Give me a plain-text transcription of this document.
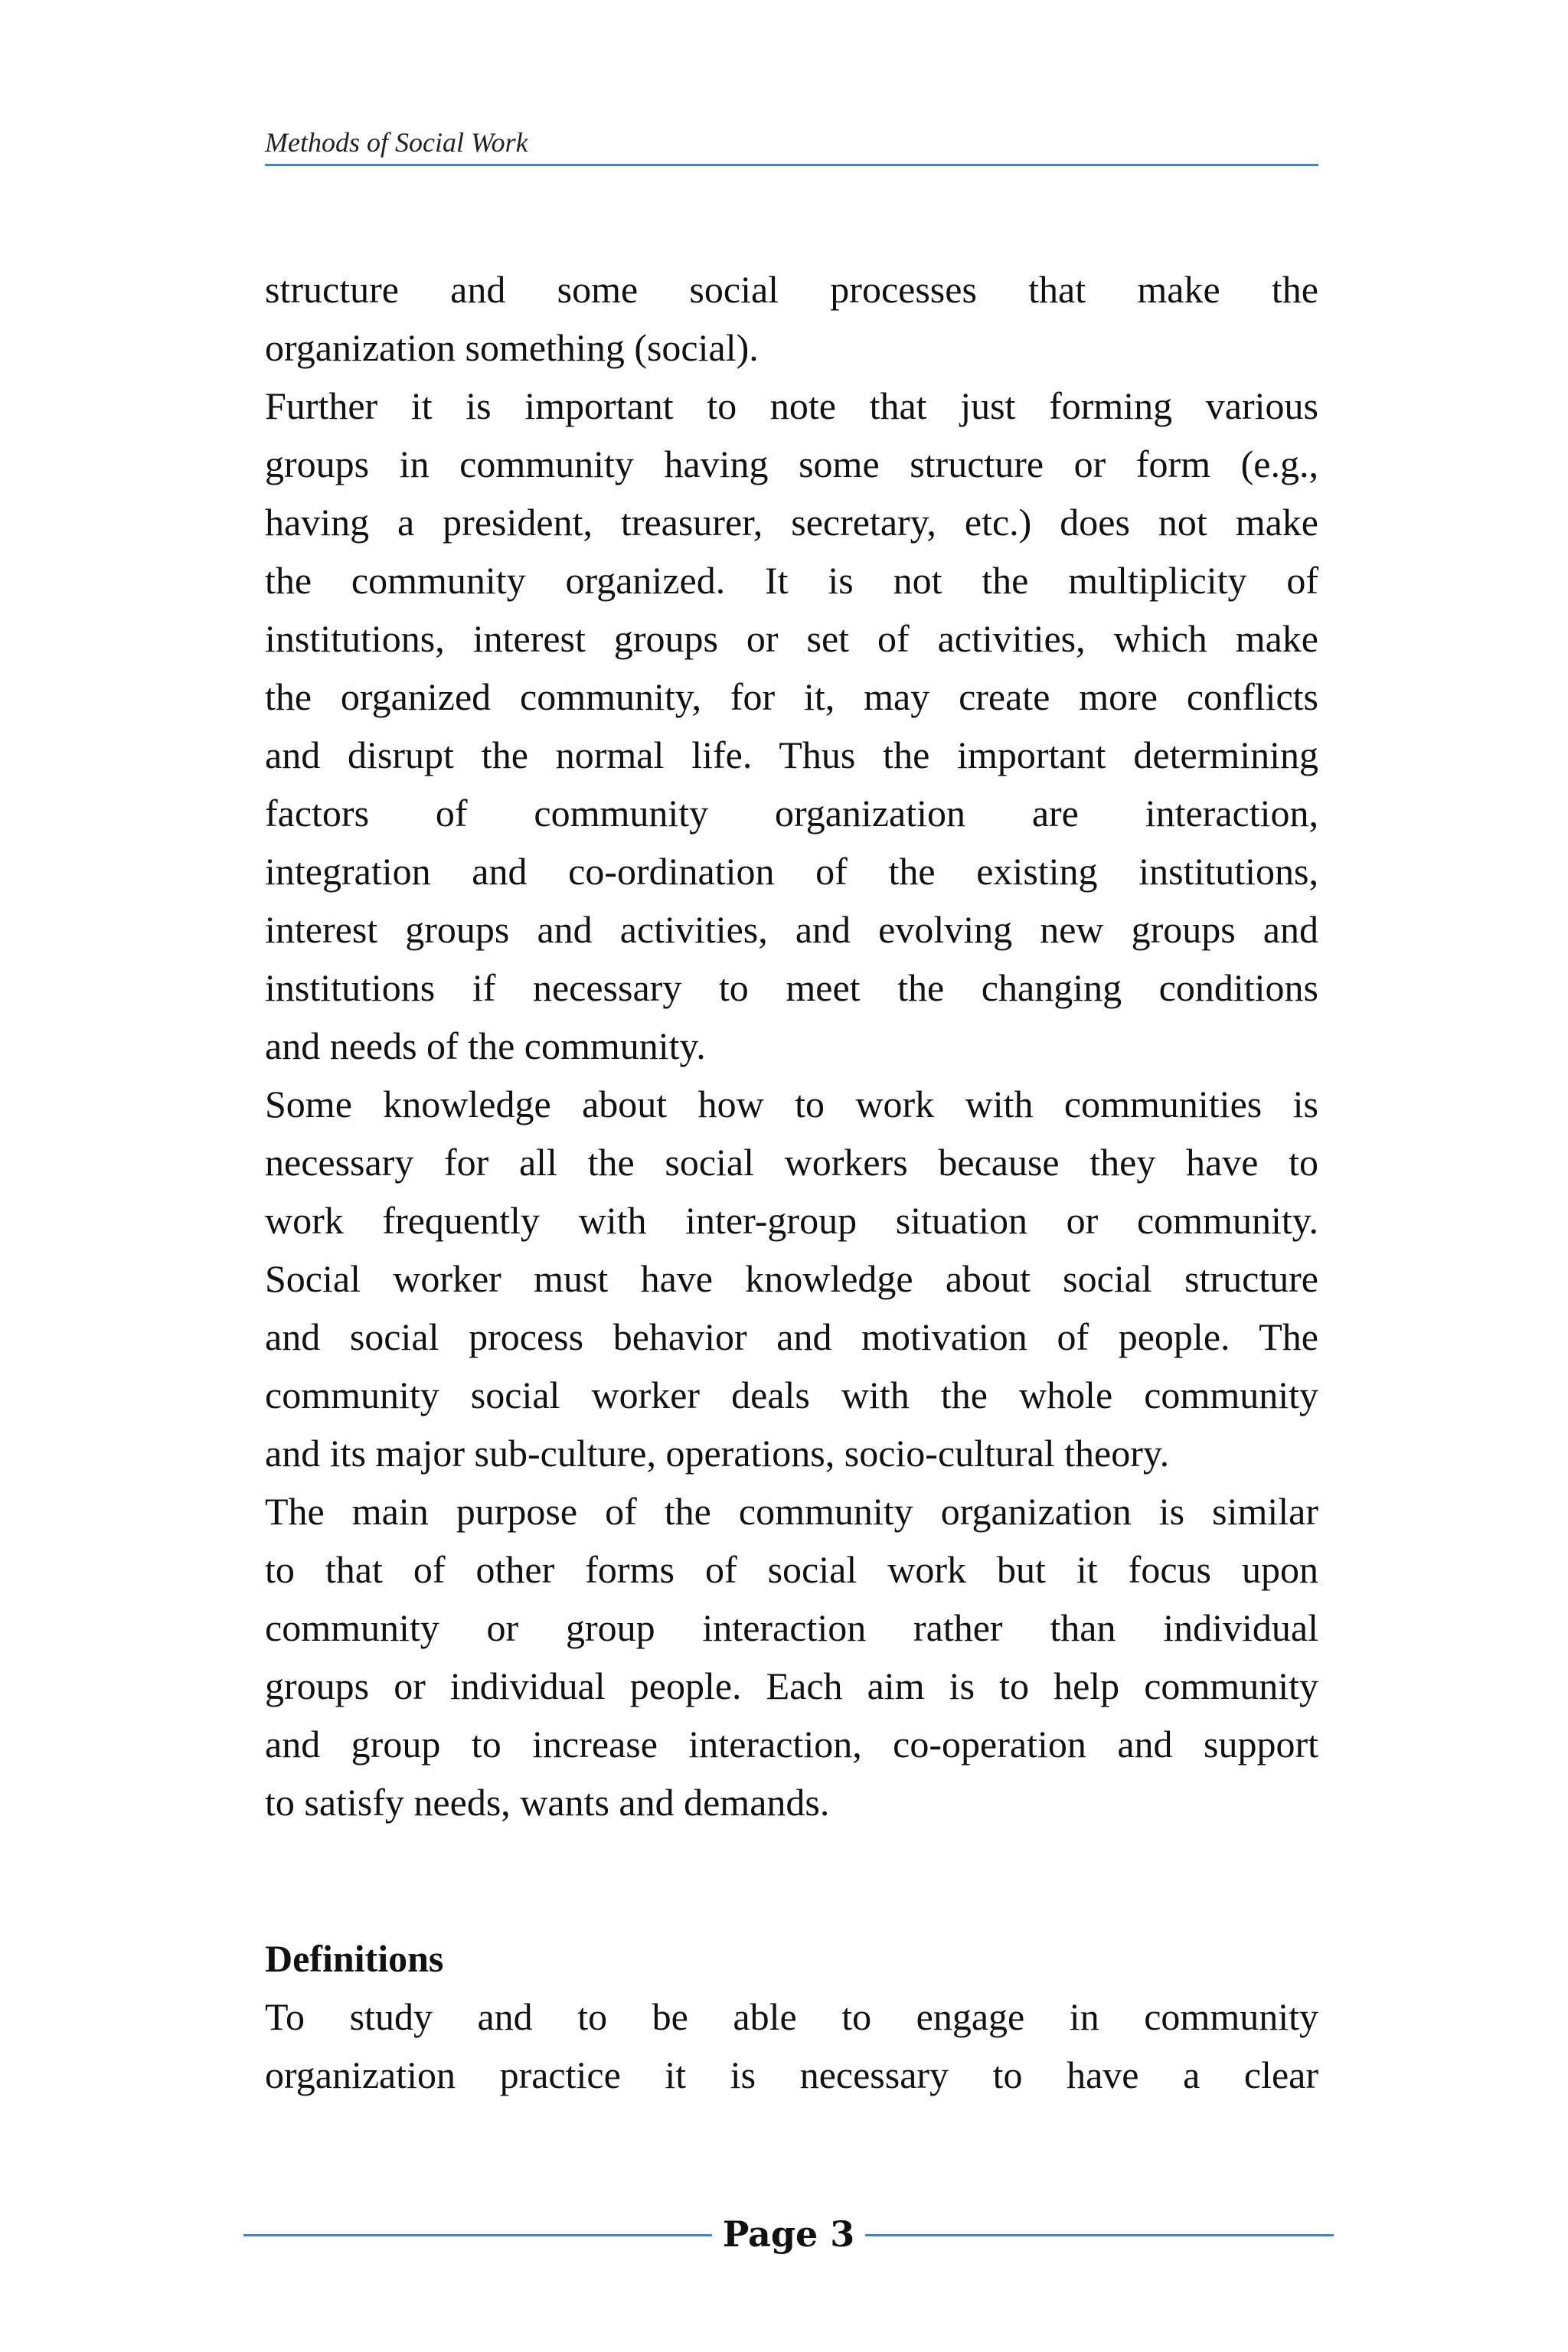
Methods of Social Work
structure and some social processes that make the
organization something (social).
Further it is important to note that just forming various
groups in community having some structure or form (e.g.,
having a president, treasurer, secretary, etc.) does not make
the community organized. It is not the multiplicity of
institutions, interest groups or set of activities, which make
the organized community, for it, may create more conflicts
and disrupt the normal life. Thus the important determining
factors of community organization are interaction,
integration and co-ordination of the existing institutions,
interest groups and activities, and evolving new groups and
institutions if necessary to meet the changing conditions
and needs of the community.
Some knowledge about how to work with communities is
necessary for all the social workers because they have to
work frequently with inter-group situation or community.
Social worker must have knowledge about social structure
and social process behavior and motivation of people. The
community social worker deals with the whole community
and its major sub-culture, operations, socio-cultural theory.
The main purpose of the community organization is similar
to that of other forms of social work but it focus upon
community or group interaction rather than individual
groups or individual people. Each aim is to help community
and group to increase interaction, co-operation and support
to satisfy needs, wants and demands.
Definitions
To study and to be able to engage in community
organization practice it is necessary to have a clear
Page 3
